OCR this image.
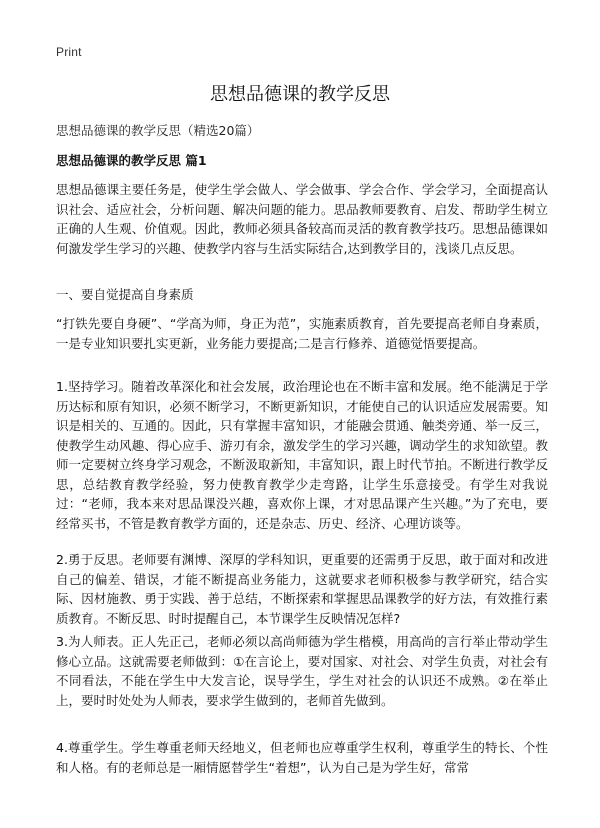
Print
思想品德课的教学反思
思想品德课的教学反思（精选20篇）
思想品德课的教学反思 篇1

思想品德课主要任务是，使学生学会做人、学会做事、学会合作、学会学习，全面提高认识社会、适应社会，分析问题、解决问题的能力。思品教师要教育、启发、帮助学生树立正确的人生观、价值观。因此，教师必须具备较高而灵活的教育教学技巧。思想品德课如何激发学生学习的兴趣、使教学内容与生活实际结合,达到教学目的，浅谈几点反思。

一、要自觉提高自身素质

“打铁先要自身硬”、“学高为师，身正为范”，实施素质教育，首先要提高老师自身素质，一是专业知识要扎实更新，业务能力要提高;二是言行修养、道德觉悟要提高。

1.坚持学习。随着改革深化和社会发展，政治理论也在不断丰富和发展。绝不能满足于学历达标和原有知识，必须不断学习，不断更新知识，才能使自己的认识适应发展需要。知识是相关的、互通的。因此，只有掌握丰富知识，才能融会贯通、触类旁通、举一反三，使教学生动风趣、得心应手、游刃有余，激发学生的学习兴趣，调动学生的求知欲望。教师一定要树立终身学习观念，不断汲取新知，丰富知识，跟上时代节拍。不断进行教学反思，总结教育教学经验，努力使教育教学少走弯路，让学生乐意接受。有学生对我说过：“老师，我本来对思品课没兴趣，喜欢你上课，才对思品课产生兴趣。”为了充电，要经常买书，不管是教育教学方面的，还是杂志、历史、经济、心理访谈等。

2.勇于反思。老师要有渊博、深厚的学科知识，更重要的还需勇于反思，敢于面对和改进自己的偏差、错误，才能不断提高业务能力，这就要求老师积极参与教学研究，结合实际、因材施教、勇于实践、善于总结，不断探索和掌握思品课教学的好方法，有效推行素质教育。不断反思、时时提醒自己，本节课学生反映情况怎样?

3.为人师表。正人先正己，老师必须以高尚师德为学生楷模，用高尚的言行举止带动学生修心立品。这就需要老师做到：①在言论上，要对国家、对社会、对学生负责，对社会有不同看法，不能在学生中大发言论，误导学生，学生对社会的认识还不成熟。②在举止上，要时时处处为人师表，要求学生做到的，老师首先做到。

4.尊重学生。学生尊重老师天经地义，但老师也应尊重学生权利，尊重学生的特长、个性和人格。有的老师总是一厢情愿替学生“着想”，认为自己是为学生好，常常
